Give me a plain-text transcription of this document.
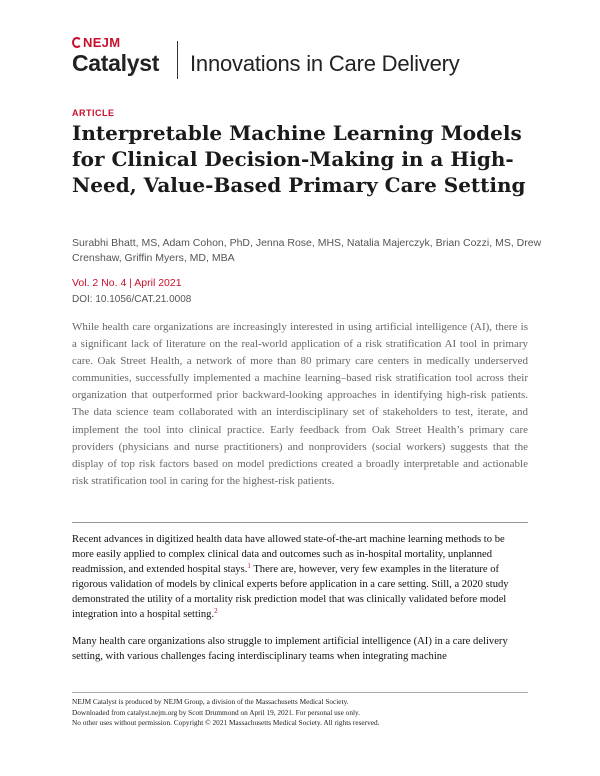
NEJM
Catalyst Innovations in Care Delivery
ARTICLE
Interpretable Machine Learning Models for Clinical Decision-Making in a High-Need, Value-Based Primary Care Setting
Surabhi Bhatt, MS, Adam Cohon, PhD, Jenna Rose, MHS, Natalia Majerczyk, Brian Cozzi, MS, Drew Crenshaw, Griffin Myers, MD, MBA
Vol. 2 No. 4 | April 2021
DOI: 10.1056/CAT.21.0008

While health care organizations are increasingly interested in using artificial intelligence (AI), there is a significant lack of literature on the real-world application of a risk stratification AI tool in primary care. Oak Street Health, a network of more than 80 primary care centers in medically underserved communities, successfully implemented a machine learning–based risk stratification tool across their organization that outperformed prior backward-looking approaches in identifying high-risk patients. The data science team collaborated with an interdisciplinary set of stakeholders to test, iterate, and implement the tool into clinical practice. Early feedback from Oak Street Health’s primary care providers (physicians and nurse practitioners) and nonproviders (social workers) suggests that the display of top risk factors based on model predictions created a broadly interpretable and actionable risk stratification tool in caring for the highest-risk patients.

Recent advances in digitized health data have allowed state-of-the-art machine learning methods to be more easily applied to complex clinical data and outcomes such as in-hospital mortality, unplanned readmission, and extended hospital stays.$^1$ There are, however, very few examples in the literature of rigorous validation of models by clinical experts before application in a care setting. Still, a 2020 study demonstrated the utility of a mortality risk prediction model that was clinically validated before model integration into a hospital setting.$^2$

Many health care organizations also struggle to implement artificial intelligence (AI) in a care delivery setting, with various challenges facing interdisciplinary teams when integrating machine

NEJM Catalyst is produced by NEJM Group, a division of the Massachusetts Medical Society.
Downloaded from catalyst.nejm.org by Scott Drummond on April 19, 2021. For personal use only.
No other uses without permission. Copyright © 2021 Massachusetts Medical Society. All rights reserved.
